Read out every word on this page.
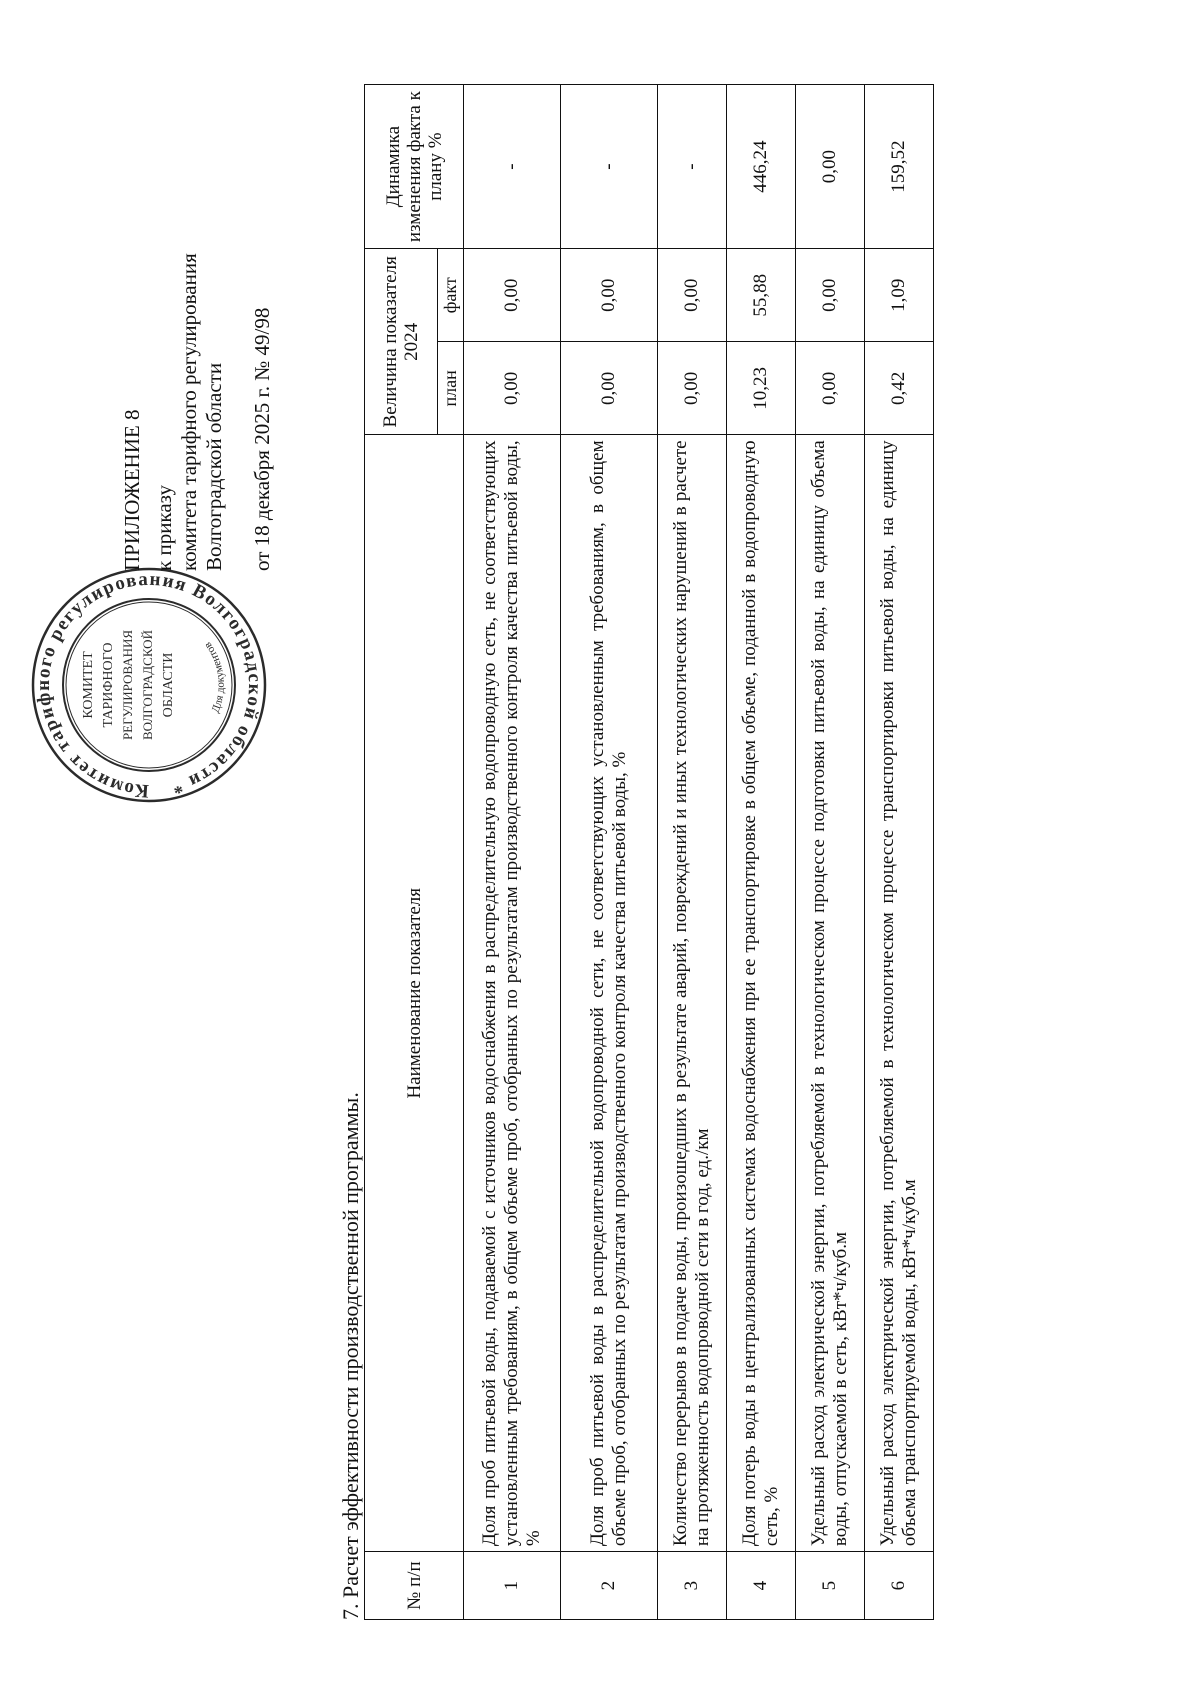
Комитет тарифного регулирования Волгоградской области *
КОМИТЕТ ТАРИФНОГО РЕГУЛИРОВАНИЯ ВОЛГОГРАДСКОЙ ОБЛАСТИ	Для документов
ПРИЛОЖЕНИЕ 8 к приказу комитета тарифного регулирования Волгоградской области от 18 декабря 2025 г. № 49/98
7. Расчет эффективности производственной программы. № п/п	Наименование показателя	Величина показателя 2024		Динамика изменения факта к плану %
		план	факт	
1	Доля проб питьевой воды, подаваемой с источников водоснабжения в распределительную водопроводную сеть, не соответствующих установленным требованиям, в общем объеме проб, отобранных по результатам производственного контроля качества питьевой воды, %	0,00	0,00	-
2	Доля проб питьевой воды в распределительной водопроводной сети, не соответствующих установленным требованиям, в общем объеме проб, отобранных по результатам производственного контроля качества питьевой воды, %	0,00	0,00	-
3	Количество перерывов в подаче воды, произошедших в результате аварий, повреждений и иных технологических нарушений в расчете на протяженность водопроводной сети в год, ед./км	0,00	0,00	-
4	Доля потерь воды в централизованных системах водоснабжения при ее транспортировке в общем объеме, поданной в водопроводную сеть, %	10,23	55,88	446,24
5	Удельный расход электрической энергии, потребляемой в технологическом процессе подготовки питьевой воды, на единицу объема воды, отпускаемой в сеть, кВт*ч/куб.м	0,00	0,00	0,00
6	Удельный расход электрической энергии, потребляемой в технологическом процессе транспортировки питьевой воды, на единицу объема транспортируемой воды, кВт*ч/куб.м	0,42	1,09	159,52
